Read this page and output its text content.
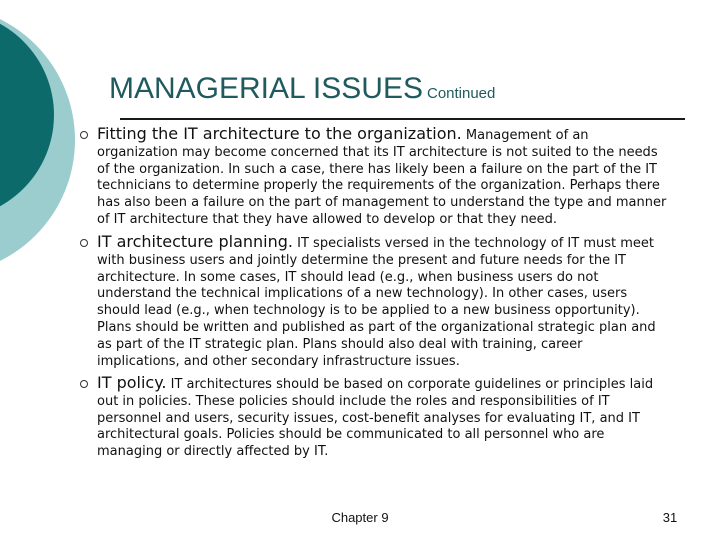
MANAGERIAL ISSUES Continued

Fitting the IT architecture to the organization. Management of an

organization may become concerned that its IT architecture is not suited to the needs

of the organization. In such a case, there has likely been a failure on the part of the IT

technicians to determine properly the requirements of the organization. Perhaps there

has also been a failure on the part of management to understand the type and manner

of IT architecture that they have allowed to develop or that they need.

IT architecture planning. IT specialists versed in the technology of IT must meet

with business users and jointly determine the present and future needs for the IT

architecture. In some cases, IT should lead (e.g., when business users do not

understand the technical implications of a new technology). In other cases, users

should lead (e.g., when technology is to be applied to a new business opportunity).

Plans should be written and published as part of the organizational strategic plan and

as part of the IT strategic plan. Plans should also deal with training, career

implications, and other secondary infrastructure issues.

IT policy. IT architectures should be based on corporate guidelines or principles laid

out in policies. These policies should include the roles and responsibilities of IT

personnel and users, security issues, cost-benefit analyses for evaluating IT, and IT

architectural goals. Policies should be communicated to all personnel who are

managing or directly affected by IT.

Chapter 9	31
